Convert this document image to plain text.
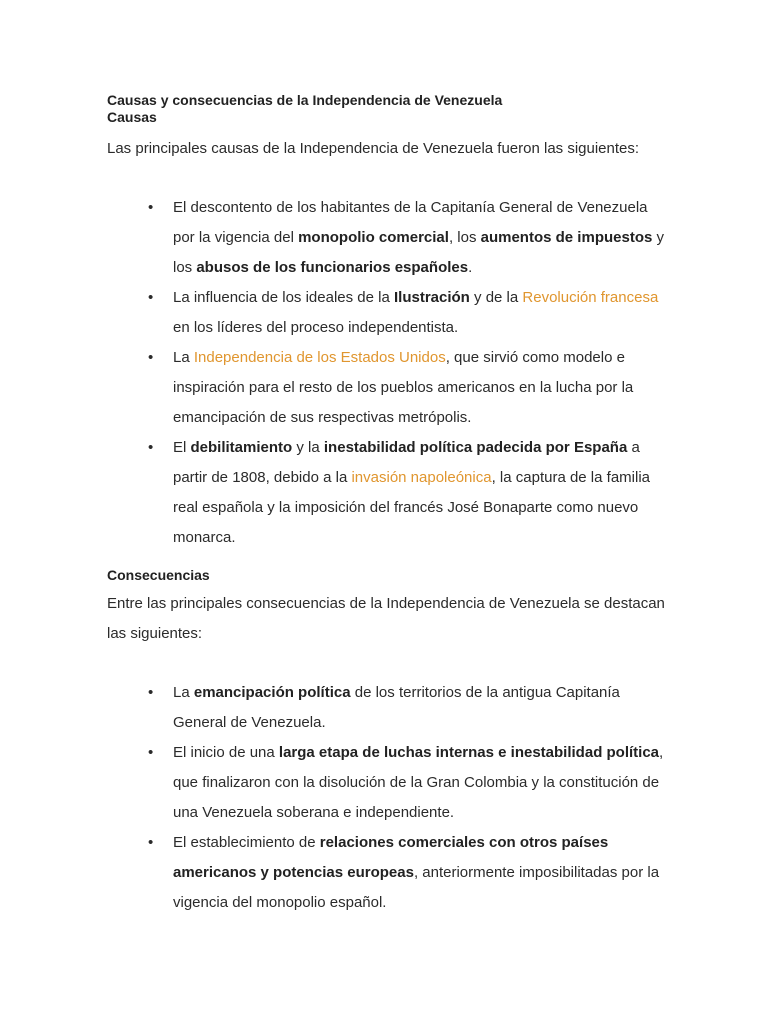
Causas y consecuencias de la Independencia de Venezuela
Causas

Las principales causas de la Independencia de Venezuela fueron las siguientes:

• El descontento de los habitantes de la Capitanía General de Venezuela por la vigencia del monopolio comercial, los aumentos de impuestos y los abusos de los funcionarios españoles.
• La influencia de los ideales de la Ilustración y de la Revolución francesa en los líderes del proceso independentista.
• La Independencia de los Estados Unidos, que sirvió como modelo e inspiración para el resto de los pueblos americanos en la lucha por la emancipación de sus respectivas metrópolis.
• El debilitamiento y la inestabilidad política padecida por España a partir de 1808, debido a la invasión napoleónica, la captura de la familia real española y la imposición del francés José Bonaparte como nuevo monarca.

Consecuencias

Entre las principales consecuencias de la Independencia de Venezuela se destacan las siguientes:

• La emancipación política de los territorios de la antigua Capitanía General de Venezuela.
• El inicio de una larga etapa de luchas internas e inestabilidad política, que finalizaron con la disolución de la Gran Colombia y la constitución de una Venezuela soberana e independiente.
• El establecimiento de relaciones comerciales con otros países americanos y potencias europeas, anteriormente imposibilitadas por la vigencia del monopolio español.
